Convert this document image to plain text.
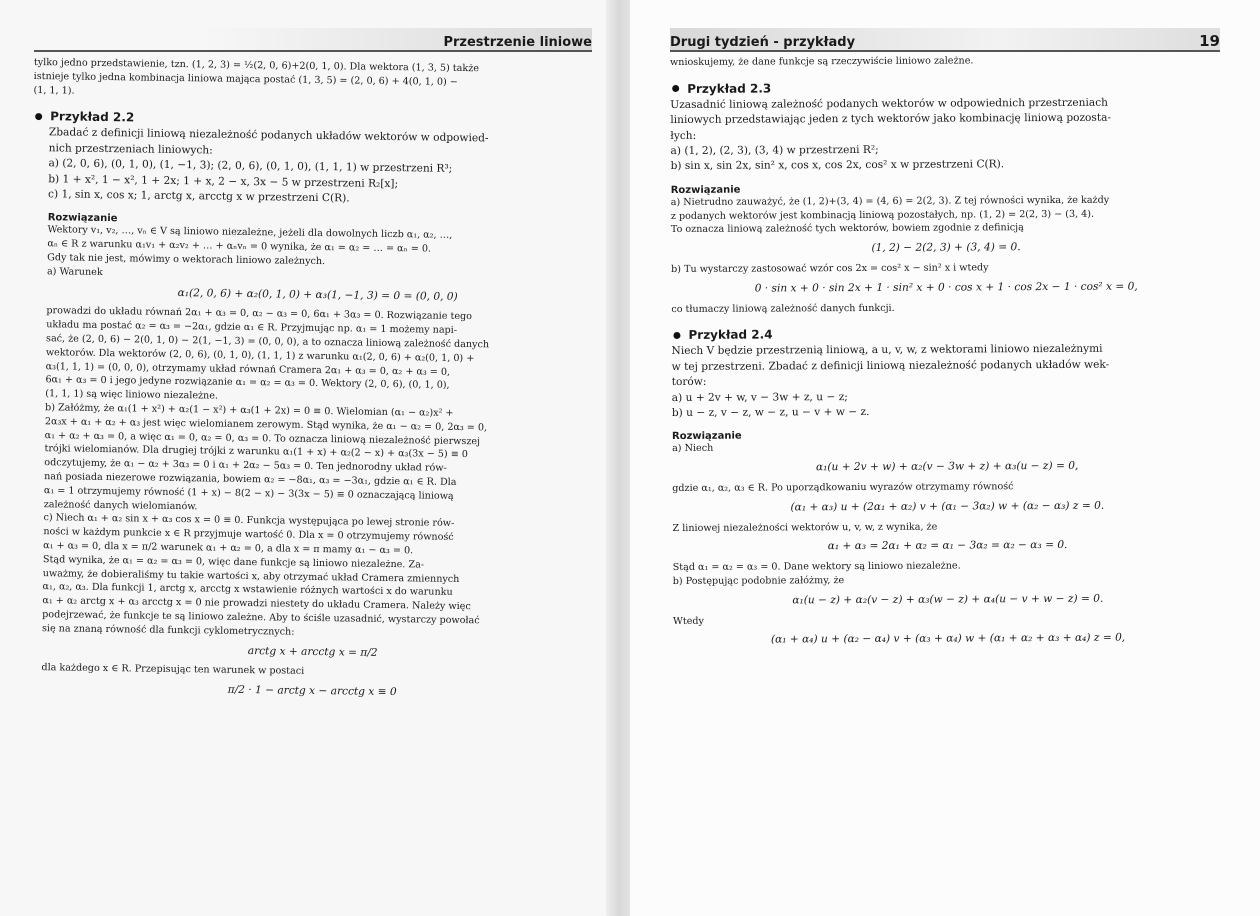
Przestrzenie liniowe

tylko jedno przedstawienie, tzn. (1, 2, 3) = ½(2, 0, 6)+2(0, 1, 0). Dla wektora (1, 3, 5) także

istnieje tylko jedna kombinacja liniowa mająca postać (1, 3, 5) = (2, 0, 6) + 4(0, 1, 0) −

(1, 1, 1).

Przykład 2.2

Zbadać z definicji liniową niezależność podanych układów wektorów w odpowied-

nich przestrzeniach liniowych:

a) (2, 0, 6), (0, 1, 0), (1, −1, 3); (2, 0, 6), (0, 1, 0), (1, 1, 1) w przestrzeni R³;

b) 1 + x², 1 − x², 1 + 2x; 1 + x, 2 − x, 3x − 5 w przestrzeni R₂[x];

c) 1, sin x, cos x; 1, arctg x, arcctg x w przestrzeni C(R).

Rozwiązanie

Wektory v₁, v₂, …, vₙ ∈ V są liniowo niezależne, jeżeli dla dowolnych liczb α₁, α₂, …,

αₙ ∈ R z warunku α₁v₁ + α₂v₂ + … + αₙvₙ = 0 wynika, że α₁ = α₂ = … = αₙ = 0.

Gdy tak nie jest, mówimy o wektorach liniowo zależnych.

a) Warunek

α₁(2, 0, 6) + α₂(0, 1, 0) + α₃(1, −1, 3) = 0 = (0, 0, 0)

prowadzi do układu równań 2α₁ + α₃ = 0, α₂ − α₃ = 0, 6α₁ + 3α₃ = 0. Rozwiązanie tego

układu ma postać α₂ = α₃ = −2α₁, gdzie α₁ ∈ R. Przyjmując np. α₁ = 1 możemy napi-

sać, że (2, 0, 6) − 2(0, 1, 0) − 2(1, −1, 3) = (0, 0, 0), a to oznacza liniową zależność danych

wektorów. Dla wektorów (2, 0, 6), (0, 1, 0), (1, 1, 1) z warunku α₁(2, 0, 6) + α₂(0, 1, 0) +

α₃(1, 1, 1) = (0, 0, 0), otrzymamy układ równań Cramera 2α₁ + α₃ = 0, α₂ + α₃ = 0,

6α₁ + α₃ = 0 i jego jedyne rozwiązanie α₁ = α₂ = α₃ = 0. Wektory (2, 0, 6), (0, 1, 0),

(1, 1, 1) są więc liniowo niezależne.

b) Załóżmy, że α₁(1 + x²) + α₂(1 − x²) + α₃(1 + 2x) = 0 ≡ 0. Wielomian (α₁ − α₂)x² +

2α₃x + α₁ + α₂ + α₃ jest więc wielomianem zerowym. Stąd wynika, że α₁ − α₂ = 0, 2α₃ = 0,

α₁ + α₂ + α₃ = 0, a więc α₁ = 0, α₂ = 0, α₃ = 0. To oznacza liniową niezależność pierwszej

trójki wielomianów. Dla drugiej trójki z warunku α₁(1 + x) + α₂(2 − x) + α₃(3x − 5) ≡ 0

odczytujemy, że α₁ − α₂ + 3α₃ = 0 i α₁ + 2α₂ − 5α₃ = 0. Ten jednorodny układ rów-

nań posiada niezerowe rozwiązania, bowiem α₂ = −8α₁, α₃ = −3α₁, gdzie α₁ ∈ R. Dla

α₁ = 1 otrzymujemy równość (1 + x) − 8(2 − x) − 3(3x − 5) ≡ 0 oznaczającą liniową

zależność danych wielomianów.

c) Niech α₁ + α₂ sin x + α₃ cos x = 0 ≡ 0. Funkcja występująca po lewej stronie rów-

ności w każdym punkcie x ∈ R przyjmuje wartość 0. Dla x = 0 otrzymujemy równość

α₁ + α₃ = 0, dla x = π/2 warunek α₁ + α₂ = 0, a dla x = π mamy α₁ − α₃ = 0.

Stąd wynika, że α₁ = α₂ = α₃ = 0, więc dane funkcje są liniowo niezależne. Za-

uważmy, że dobieraliśmy tu takie wartości x, aby otrzymać układ Cramera zmiennych

α₁, α₂, α₃. Dla funkcji 1, arctg x, arcctg x wstawienie różnych wartości x do warunku

α₁ + α₂ arctg x + α₃ arcctg x = 0 nie prowadzi niestety do układu Cramera. Należy więc

podejrzewać, że funkcje te są liniowo zależne. Aby to ściśle uzasadnić, wystarczy powołać

się na znaną równość dla funkcji cyklometrycznych:

arctg x + arcctg x = π/2

dla każdego x ∈ R. Przepisując ten warunek w postaci

π/2 · 1 − arctg x − arcctg x ≡ 0

Drugi tydzień - przykłady	19

wnioskujemy, że dane funkcje są rzeczywiście liniowo zależne.

Przykład 2.3

Uzasadnić liniową zależność podanych wektorów w odpowiednich przestrzeniach

liniowych przedstawiając jeden z tych wektorów jako kombinację liniową pozosta-

łych:

a) (1, 2), (2, 3), (3, 4) w przestrzeni R²;

b) sin x, sin 2x, sin² x, cos x, cos 2x, cos² x w przestrzeni C(R).

Rozwiązanie

a) Nietrudno zauważyć, że (1, 2)+(3, 4) = (4, 6) = 2(2, 3). Z tej równości wynika, że każdy

z podanych wektorów jest kombinacją liniową pozostałych, np. (1, 2) = 2(2, 3) − (3, 4).

To oznacza liniową zależność tych wektorów, bowiem zgodnie z definicją

(1, 2) − 2(2, 3) + (3, 4) = 0.

b) Tu wystarczy zastosować wzór cos 2x = cos² x − sin² x i wtedy

0 · sin x + 0 · sin 2x + 1 · sin² x + 0 · cos x + 1 · cos 2x − 1 · cos² x = 0,

co tłumaczy liniową zależność danych funkcji.

Przykład 2.4

Niech V będzie przestrzenią liniową, a u, v, w, z wektorami liniowo niezależnymi

w tej przestrzeni. Zbadać z definicji liniową niezależność podanych układów wek-

torów:

a) u + 2v + w, v − 3w + z, u − z;

b) u − z, v − z, w − z, u − v + w − z.

Rozwiązanie

a) Niech

α₁(u + 2v + w) + α₂(v − 3w + z) + α₃(u − z) = 0,

gdzie α₁, α₂, α₃ ∈ R. Po uporządkowaniu wyrazów otrzymamy równość

(α₁ + α₃) u + (2α₁ + α₂) v + (α₁ − 3α₂) w + (α₂ − α₃) z = 0.

Z liniowej niezależności wektorów u, v, w, z wynika, że

α₁ + α₃ = 2α₁ + α₂ = α₁ − 3α₂ = α₂ − α₃ = 0.

Stąd α₁ = α₂ = α₃ = 0. Dane wektory są liniowo niezależne.

b) Postępując podobnie załóżmy, że

α₁(u − z) + α₂(v − z) + α₃(w − z) + α₄(u − v + w − z) = 0.

Wtedy

(α₁ + α₄) u + (α₂ − α₄) v + (α₃ + α₄) w + (α₁ + α₂ + α₃ + α₄) z = 0,
